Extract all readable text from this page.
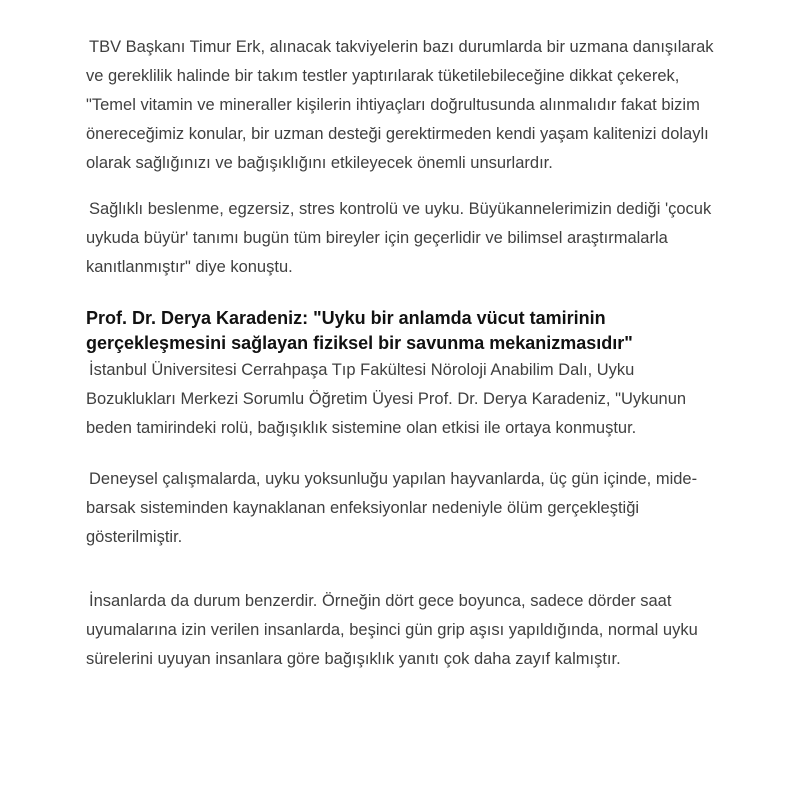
TBV Başkanı Timur Erk, alınacak takviyelerin bazı durumlarda bir uzmana danışılarak ve gereklilik halinde bir takım testler yaptırılarak tüketilebileceğine dikkat çekerek, "Temel vitamin ve mineraller kişilerin ihtiyaçları doğrultusunda alınmalıdır fakat bizim önereceğimiz konular, bir uzman desteği gerektirmeden kendi yaşam kalitenizi dolaylı olarak sağlığınızı ve bağışıklığını etkileyecek önemli unsurlardır.

Sağlıklı beslenme, egzersiz, stres kontrolü ve uyku. Büyükannelerimizin dediği 'çocuk uykuda büyür' tanımı bugün tüm bireyler için geçerlidir ve bilimsel araştırmalarla kanıtlanmıştır" diye konuştu.

Prof. Dr. Derya Karadeniz: "Uyku bir anlamda vücut tamirinin gerçekleşmesini sağlayan fiziksel bir savunma mekanizmasıdır"

İstanbul Üniversitesi Cerrahpaşa Tıp Fakültesi Nöroloji Anabilim Dalı, Uyku Bozuklukları Merkezi Sorumlu Öğretim Üyesi Prof. Dr. Derya Karadeniz, "Uykunun beden tamirindeki rolü, bağışıklık sistemine olan etkisi ile ortaya konmuştur.

Deneysel çalışmalarda, uyku yoksunluğu yapılan hayvanlarda, üç gün içinde, mide-barsak sisteminden kaynaklanan enfeksiyonlar nedeniyle ölüm gerçekleştiği gösterilmiştir.

İnsanlarda da durum benzerdir. Örneğin dört gece boyunca, sadece dörder saat uyumalarına izin verilen insanlarda, beşinci gün grip aşısı yapıldığında, normal uyku sürelerini uyuyan insanlara göre bağışıklık yanıtı çok daha zayıf kalmıştır.
